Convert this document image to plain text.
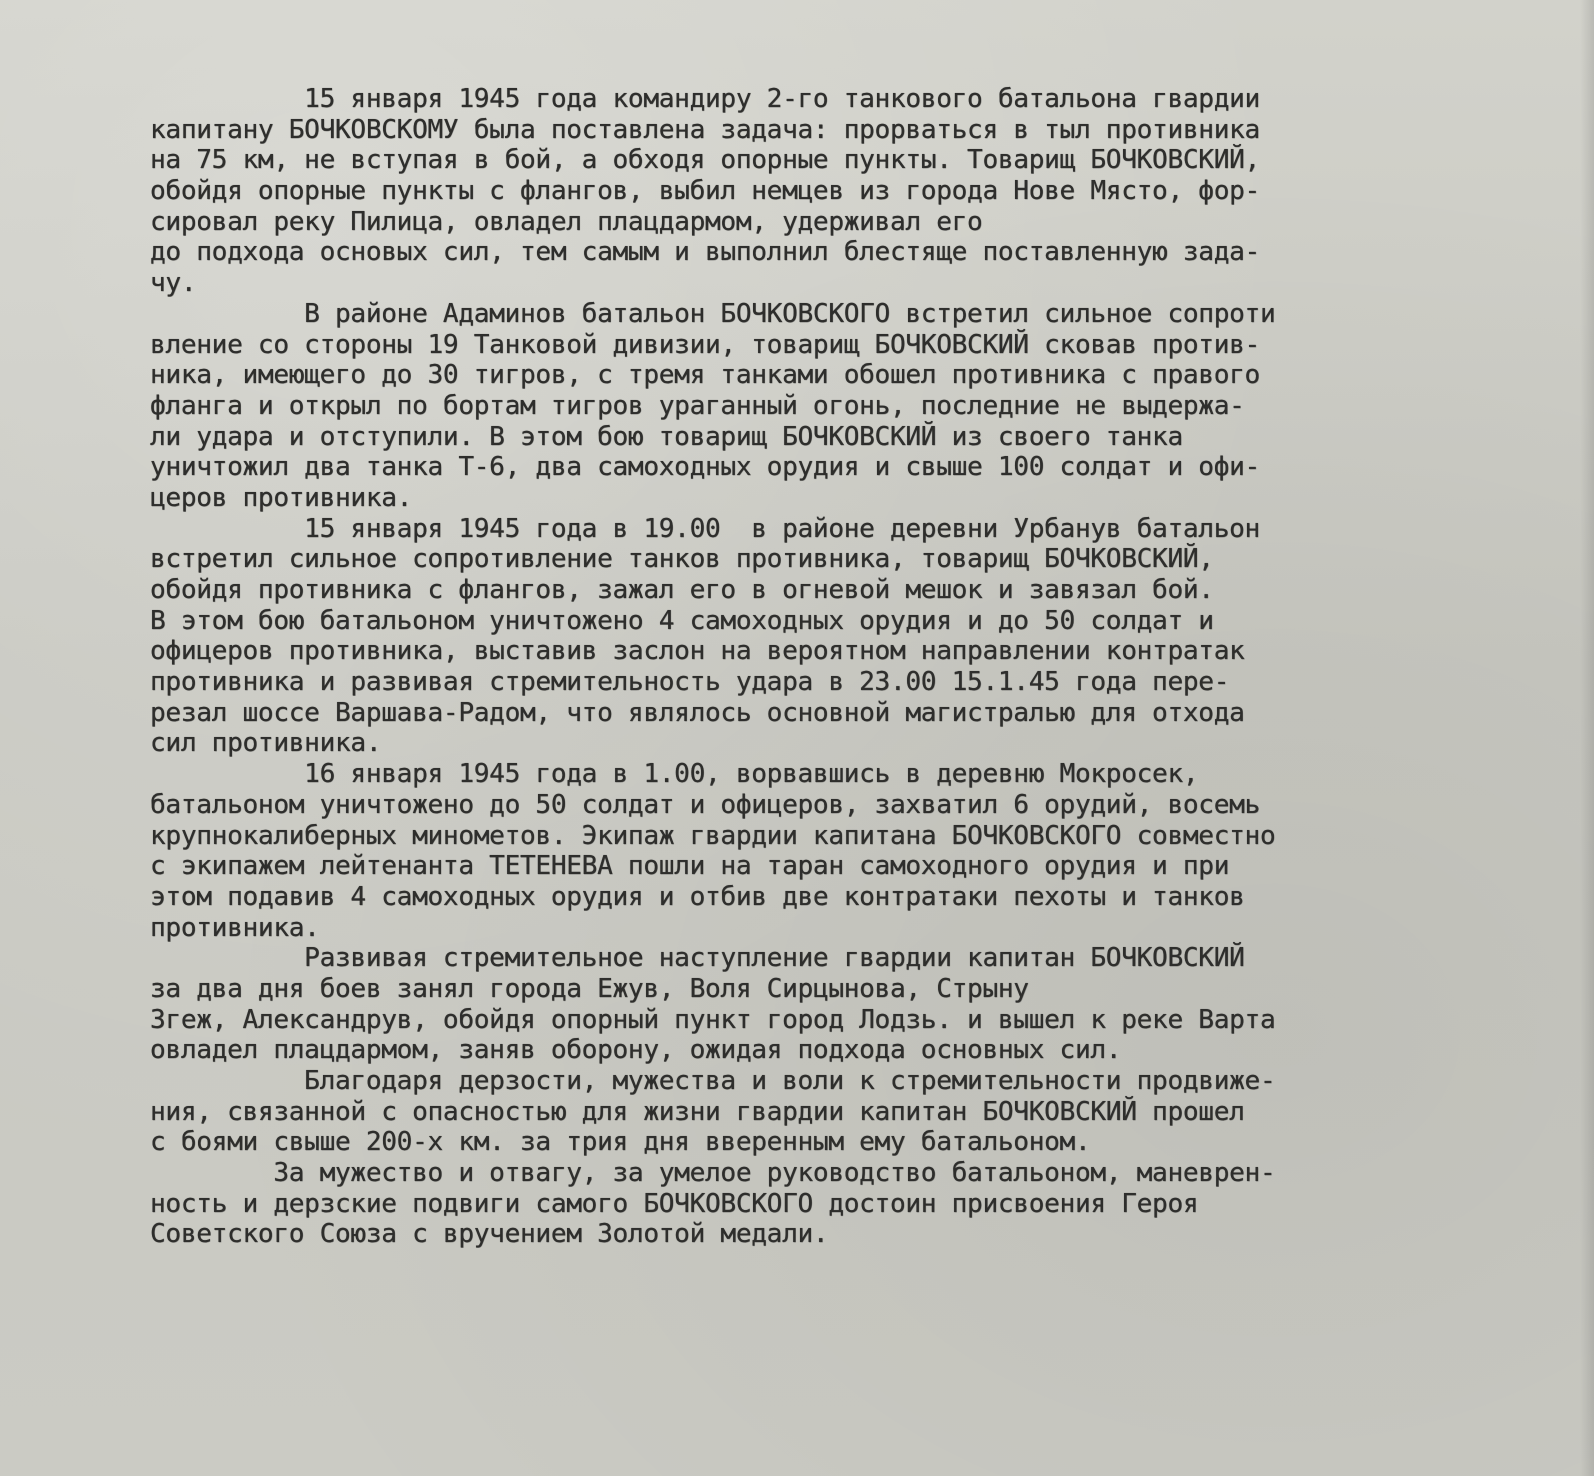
15 января 1945 года командиру 2-го танкового батальона гвардии
капитану БОЧКОВСКОМУ была поставлена задача: прорваться в тыл противника
на 75 км, не вступая в бой, а обходя опорные пункты. Товарищ БОЧКОВСКИЙ,
обойдя опорные пункты с флангов, выбил немцев из города Нове Място, фор-
сировал реку Пилица, овладел плацдармом, удерживал его
до подхода основых сил, тем самым и выполнил блестяще поставленную зада-
чу.
В районе Адаминов батальон БОЧКОВСКОГО встретил сильное сопроти
вление со стороны 19 Танковой дивизии, товарищ БОЧКОВСКИЙ сковав против-
ника, имеющего до 30 тигров, с тремя танками обошел противника с правого
фланга и открыл по бортам тигров ураганный огонь, последние не выдержа-
ли удара и отступили. В этом бою товарищ БОЧКОВСКИЙ из своего танка
уничтожил два танка Т-6, два самоходных орудия и свыше 100 солдат и офи-
церов противника.
15 января 1945 года в 19.00  в районе деревни Урбанув батальон
встретил сильное сопротивление танков противника, товарищ БОЧКОВСКИЙ,
обойдя противника с флангов, зажал его в огневой мешок и завязал бой.
В этом бою батальоном уничтожено 4 самоходных орудия и до 50 солдат и
офицеров противника, выставив заслон на вероятном направлении контратак
противника и развивая стремительность удара в 23.00 15.1.45 года пере-
резал шоссе Варшава-Радом, что являлось основной магистралью для отхода
сил противника.
16 января 1945 года в 1.00, ворвавшись в деревню Мокросек,
батальоном уничтожено до 50 солдат и офицеров, захватил 6 орудий, восемь
крупнокалиберных минометов. Экипаж гвардии капитана БОЧКОВСКОГО совместно
с экипажем лейтенанта ТЕТЕНЕВА пошли на таран самоходного орудия и при
этом подавив 4 самоходных орудия и отбив две контратаки пехоты и танков
противника.
Развивая стремительное наступление гвардии капитан БОЧКОВСКИЙ
за два дня боев занял города Ежув, Воля Сирцынова, Стрыну
Згеж, Александрув, обойдя опорный пункт город Лодзь. и вышел к реке Варта
овладел плацдармом, заняв оборону, ожидая подхода основных сил.
Благодаря дерзости, мужества и воли к стремительности продвиже-
ния, связанной с опасностью для жизни гвардии капитан БОЧКОВСКИЙ прошел
с боями свыше 200-х км. за трия дня вверенным ему батальоном.
За мужество и отвагу, за умелое руководство батальоном, маневрен-
ность и дерзские подвиги самого БОЧКОВСКОГО достоин присвоения Героя
Советского Союза с вручением Золотой медали.
